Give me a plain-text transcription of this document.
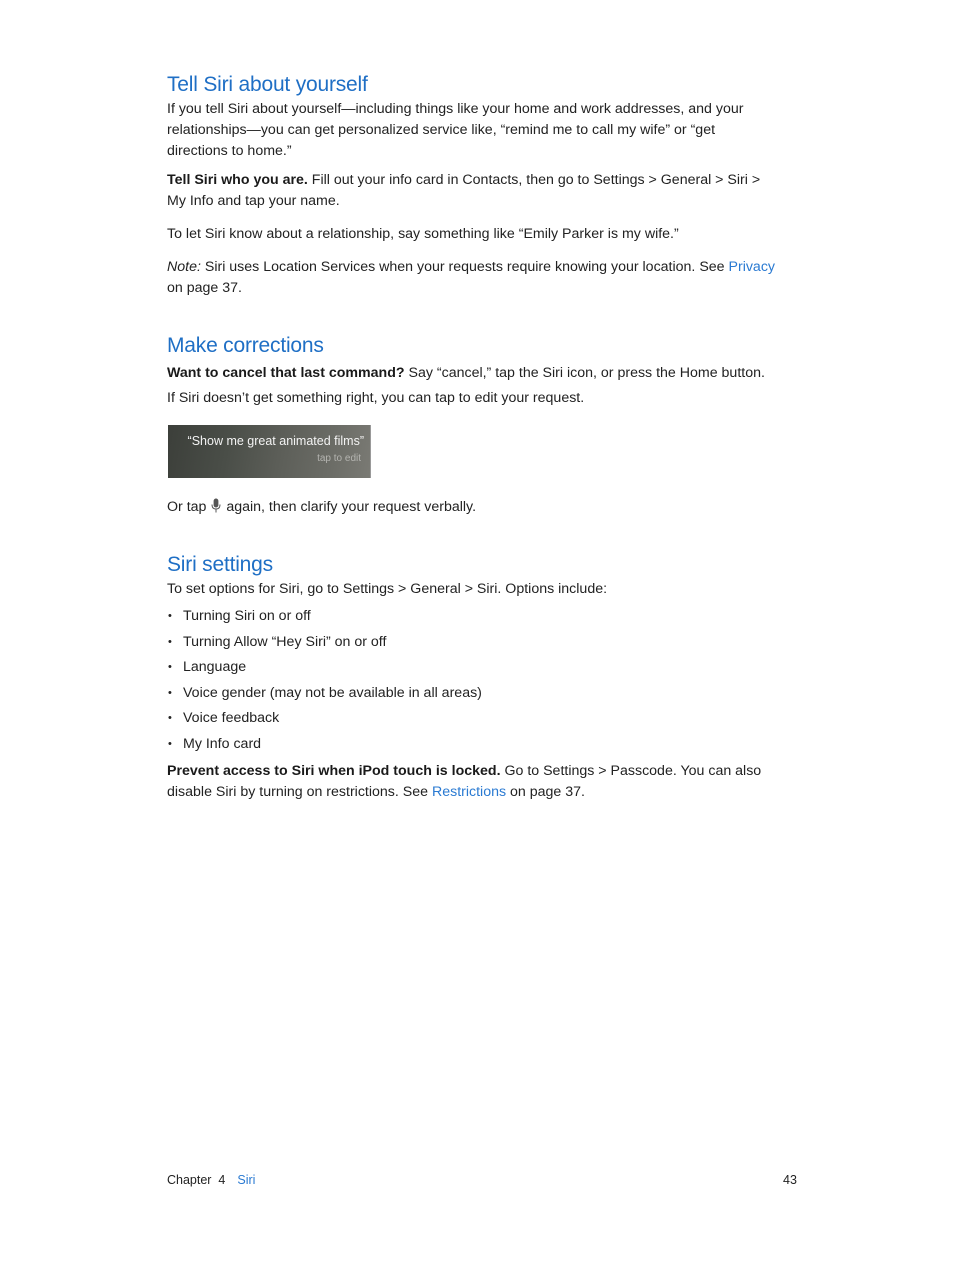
Tell Siri about yourself

If you tell Siri about yourself—including things like your home and work addresses, and your relationships—you can get personalized service like, “remind me to call my wife” or “get directions to home.”

Tell Siri who you are. Fill out your info card in Contacts, then go to Settings > General > Siri > My Info and tap your name.

To let Siri know about a relationship, say something like “Emily Parker is my wife.”

Note: Siri uses Location Services when your requests require knowing your location. See Privacy on page 37.

Make corrections

Want to cancel that last command? Say “cancel,” tap the Siri icon, or press the Home button.

If Siri doesn’t get something right, you can tap to edit your request.

“Show me great animated films”
tap to edit

Or tap  again, then clarify your request verbally.

Siri settings

To set options for Siri, go to Settings > General > Siri. Options include:

• Turning Siri on or off
• Turning Allow “Hey Siri” on or off
• Language
• Voice gender (may not be available in all areas)
• Voice feedback
• My Info card

Prevent access to Siri when iPod touch is locked. Go to Settings > Passcode. You can also disable Siri by turning on restrictions. See Restrictions on page 37.

Chapter  4 Siri	43
